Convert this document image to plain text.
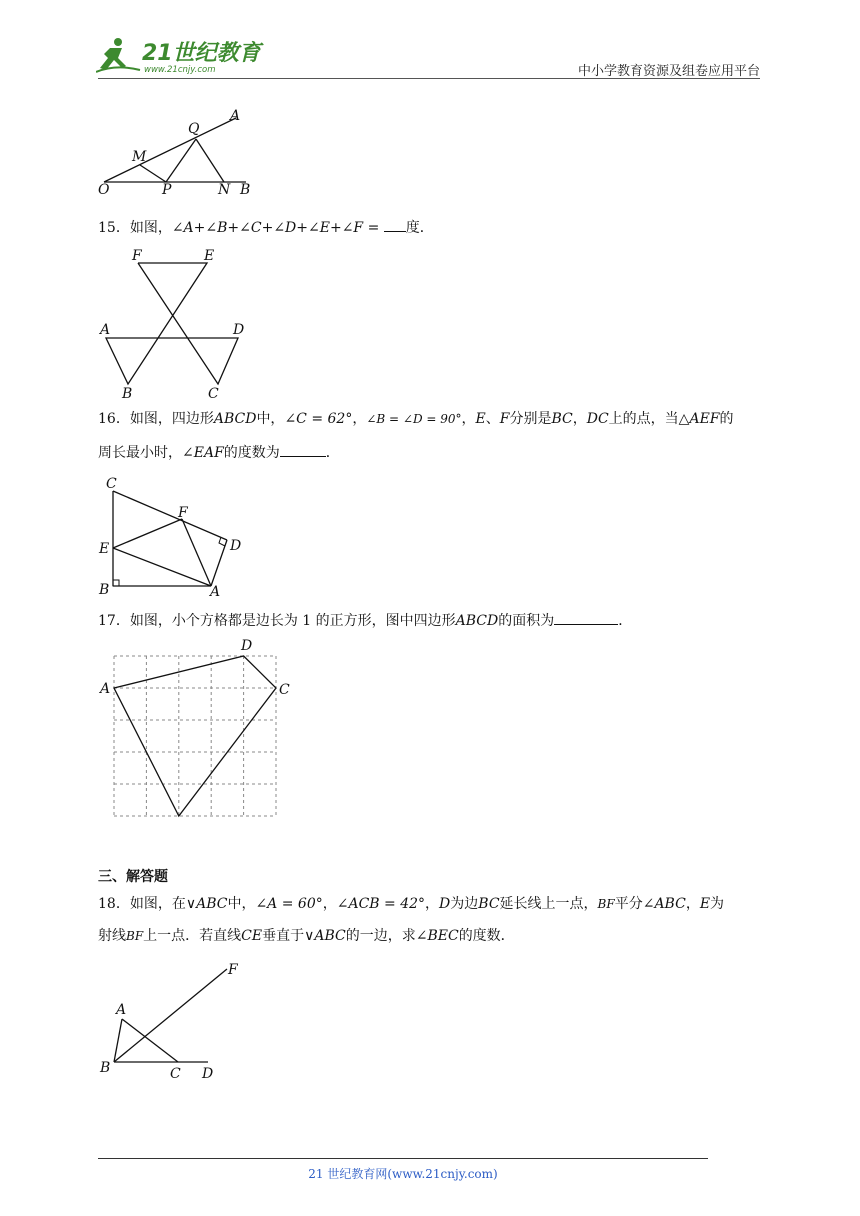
21世纪教育
www.21cnjy.com	中小学教育资源及组卷应用平台
A
Q
M
O	P	N B
15．如图，∠A+∠B+∠C+∠D+∠E+∠F = 度．
F	E
A	D
B	C
16．如图，四边形ABCD中，∠C = 62°，∠B = ∠D = 90°，E、F分别是BC，DC上的点，当△AEF的
周长最小时，∠EAF的度数为	．
C
F
D
E
B	A
17．如图，小个方格都是边长为 1 的正方形，图中四边形ABCD的面积为	．
A
D
C
三、解答题
18．如图，在∨ABC中，∠A = 60°，∠ACB = 42°，D为边BC延长线上一点，BF平分∠ABC，E为
射线BF上一点．若直线CE垂直于∨ABC的一边，求∠BEC的度数．
F
A
B	C D
21 世纪教育网(www.21cnjy.com)
